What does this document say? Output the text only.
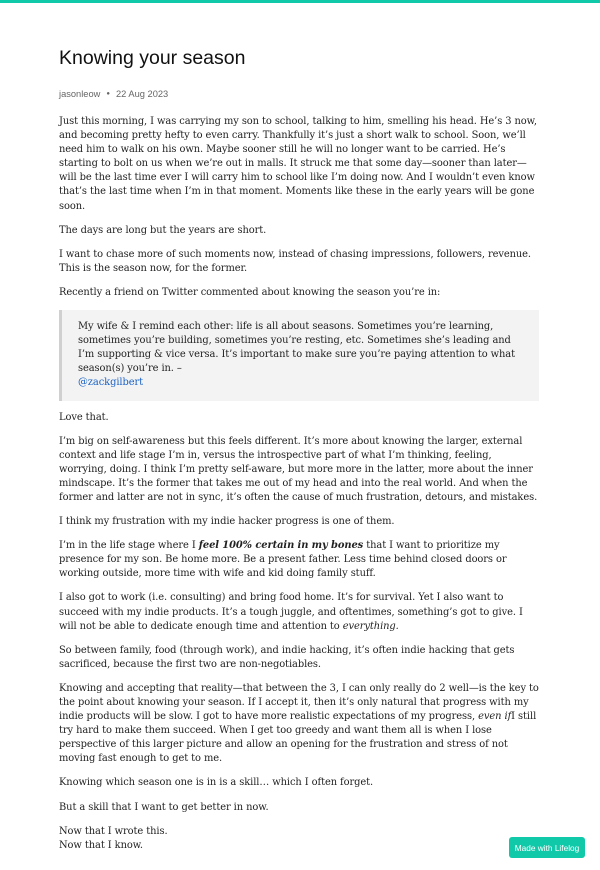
Knowing your season
jasonleow ● 22 Aug 2023

Just this morning, I was carrying my son to school, talking to him, smelling his head. He’s 3 now, and becoming pretty hefty to even carry. Thankfully it’s just a short walk to school. Soon, we’ll need him to walk on his own. Maybe sooner still he will no longer want to be carried. He’s starting to bolt on us when we’re out in malls. It struck me that some day—sooner than later—will be the last time ever I will carry him to school like I’m doing now. And I wouldn’t even know that’s the last time when I’m in that moment. Moments like these in the early years will be gone soon.

The days are long but the years are short.

I want to chase more of such moments now, instead of chasing impressions, followers, revenue. This is the season now, for the former.

Recently a friend on Twitter commented about knowing the season you’re in:

My wife & I remind each other: life is all about seasons. Sometimes you’re learning, sometimes you’re building, sometimes you’re resting, etc. Sometimes she’s leading and I’m supporting & vice versa. It’s important to make sure you’re paying attention to what season(s) you’re in. –
@zackgilbert

Love that.

I’m big on self-awareness but this feels different. It’s more about knowing the larger, external context and life stage I’m in, versus the introspective part of what I’m thinking, feeling, worrying, doing. I think I’m pretty self-aware, but more more in the latter, more about the inner mindscape. It’s the former that takes me out of my head and into the real world. And when the former and latter are not in sync, it’s often the cause of much frustration, detours, and mistakes.

I think my frustration with my indie hacker progress is one of them.

I’m in the life stage where I feel 100% certain in my bones that I want to prioritize my presence for my son. Be home more. Be a present father. Less time behind closed doors or working outside, more time with wife and kid doing family stuff.

I also got to work (i.e. consulting) and bring food home. It’s for survival. Yet I also want to succeed with my indie products. It’s a tough juggle, and oftentimes, something’s got to give. I will not be able to dedicate enough time and attention to everything.

So between family, food (through work), and indie hacking, it’s often indie hacking that gets sacrificed, because the first two are non-negotiables.

Knowing and accepting that reality—that between the 3, I can only really do 2 well—is the key to the point about knowing your season. If I accept it, then it’s only natural that progress with my indie products will be slow. I got to have more realistic expectations of my progress, even ifI still try hard to make them succeed. When I get too greedy and want them all is when I lose perspective of this larger picture and allow an opening for the frustration and stress of not moving fast enough to get to me.

Knowing which season one is in is a skill… which I often forget.

But a skill that I want to get better in now.

Now that I wrote this.
Now that I know.	Made with Lifelog
